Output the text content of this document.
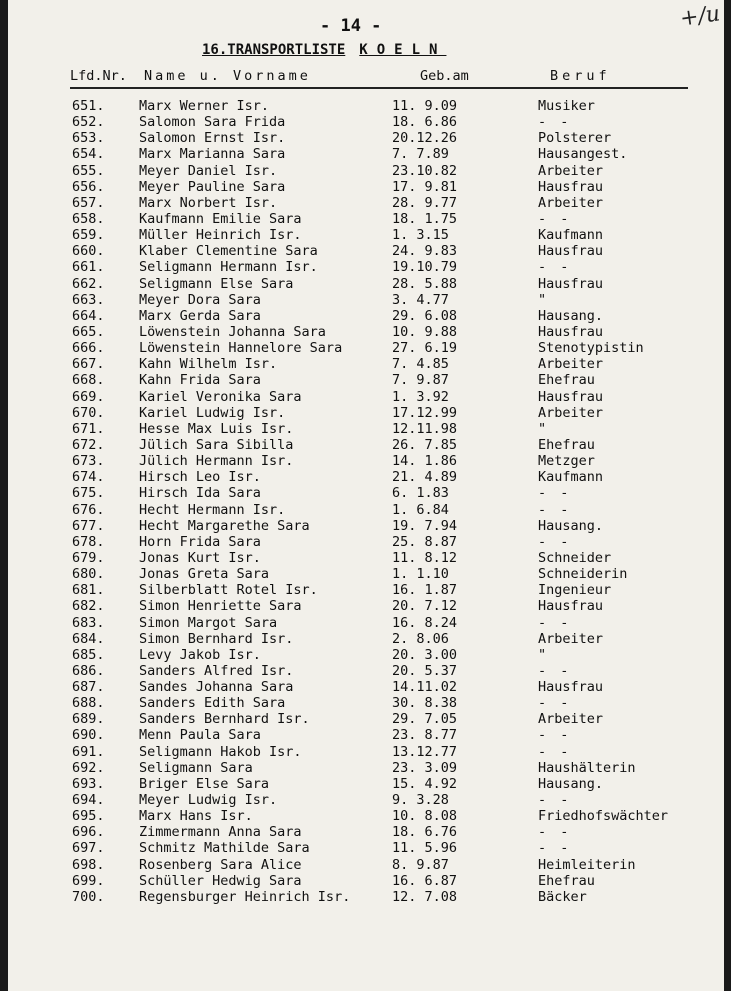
- 14 -	+/u
16.TRANSPORTLISTE KOELN
Lfd.Nr. Name u. Vorname	Geb.am	Beruf
651.	Marx Werner Isr.	11. 9.09	Musiker
652.	Salomon Sara Frida	18. 6.86	- -
653.	Salomon Ernst Isr.	20.12.26	Polsterer
654.	Marx Marianna Sara	7. 7.89	Hausangest.
655.	Meyer Daniel Isr.	23.10.82	Arbeiter
656.	Meyer Pauline Sara	17. 9.81	Hausfrau
657.	Marx Norbert Isr.	28. 9.77	Arbeiter
658.	Kaufmann Emilie Sara	18. 1.75	- -
659.	Müller Heinrich Isr.	1. 3.15	Kaufmann
660.	Klaber Clementine Sara	24. 9.83	Hausfrau
661.	Seligmann Hermann Isr.	19.10.79	- -
662.	Seligmann Else Sara	28. 5.88	Hausfrau
663.	Meyer Dora Sara	3. 4.77	"
664.	Marx Gerda Sara	29. 6.08	Hausang.
665.	Löwenstein Johanna Sara	10. 9.88	Hausfrau
666.	Löwenstein Hannelore Sara	27. 6.19	Stenotypistin
667.	Kahn Wilhelm Isr.	7. 4.85	Arbeiter
668.	Kahn Frida Sara	7. 9.87	Ehefrau
669.	Kariel Veronika Sara	1. 3.92	Hausfrau
670.	Kariel Ludwig Isr.	17.12.99	Arbeiter
671.	Hesse Max Luis Isr.	12.11.98	"
672.	Jülich Sara Sibilla	26. 7.85	Ehefrau
673.	Jülich Hermann Isr.	14. 1.86	Metzger
674.	Hirsch Leo Isr.	21. 4.89	Kaufmann
675.	Hirsch Ida Sara	6. 1.83	- -
676.	Hecht Hermann Isr.	1. 6.84	- -
677.	Hecht Margarethe Sara	19. 7.94	Hausang.
678.	Horn Frida Sara	25. 8.87	- -
679.	Jonas Kurt Isr.	11. 8.12	Schneider
680.	Jonas Greta Sara	1. 1.10	Schneiderin
681.	Silberblatt Rotel Isr.	16. 1.87	Ingenieur
682.	Simon Henriette Sara	20. 7.12	Hausfrau
683.	Simon Margot Sara	16. 8.24	- -
684.	Simon Bernhard Isr.	2. 8.06	Arbeiter
685.	Levy Jakob Isr.	20. 3.00	"
686.	Sanders Alfred Isr.	20. 5.37	- -
687.	Sandes Johanna Sara	14.11.02	Hausfrau
688.	Sanders Edith Sara	30. 8.38	- -
689.	Sanders Bernhard Isr.	29. 7.05	Arbeiter
690.	Menn Paula Sara	23. 8.77	- -
691.	Seligmann Hakob Isr.	13.12.77	- -
692.	Seligmann Sara	23. 3.09	Haushälterin
693.	Briger Else Sara	15. 4.92	Hausang.
694.	Meyer Ludwig Isr.	9. 3.28	- -
695.	Marx Hans Isr.	10. 8.08	Friedhofswächter
696.	Zimmermann Anna Sara	18. 6.76	- -
697.	Schmitz Mathilde Sara	11. 5.96	- -
698.	Rosenberg Sara Alice	8. 9.87	Heimleiterin
699.	Schüller Hedwig Sara	16. 6.87	Ehefrau
700.	Regensburger Heinrich Isr.	12. 7.08	Bäcker
